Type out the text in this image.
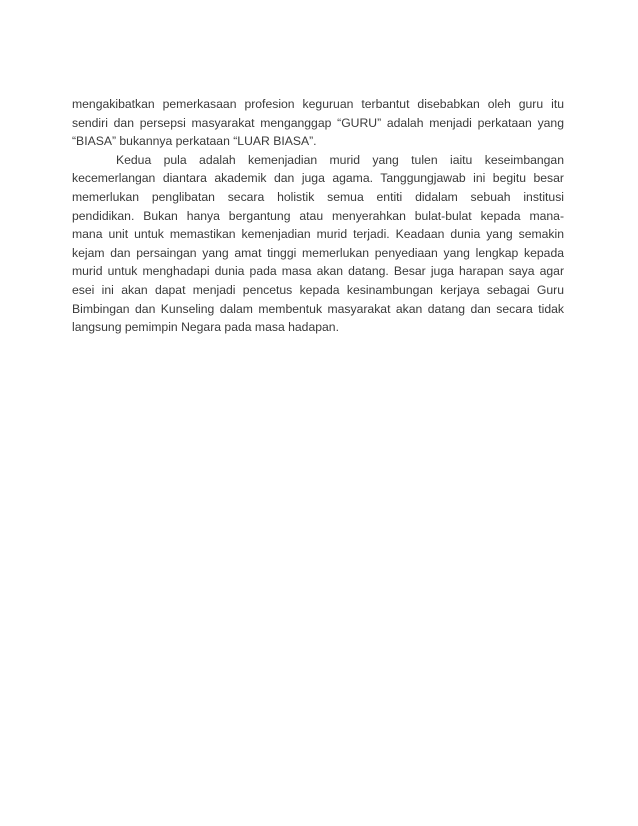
mengakibatkan pemerkasaan profesion keguruan terbantut disebabkan oleh guru itu
sendiri dan persepsi masyarakat menganggap “GURU” adalah menjadi perkataan yang
“BIASA” bukannya perkataan “LUAR BIASA”.
Kedua pula adalah kemenjadian murid yang tulen iaitu keseimbangan
kecemerlangan diantara akademik dan juga agama. Tanggungjawab ini begitu besar
memerlukan penglibatan secara holistik semua entiti didalam sebuah institusi
pendidikan. Bukan hanya bergantung atau menyerahkan bulat-bulat kepada mana-
mana unit untuk memastikan kemenjadian murid terjadi. Keadaan dunia yang semakin
kejam dan persaingan yang amat tinggi memerlukan penyediaan yang lengkap kepada
murid untuk menghadapi dunia pada masa akan datang. Besar juga harapan saya agar
esei ini akan dapat menjadi pencetus kepada kesinambungan kerjaya sebagai Guru
Bimbingan dan Kunseling dalam membentuk masyarakat akan datang dan secara tidak
langsung pemimpin Negara pada masa hadapan.
